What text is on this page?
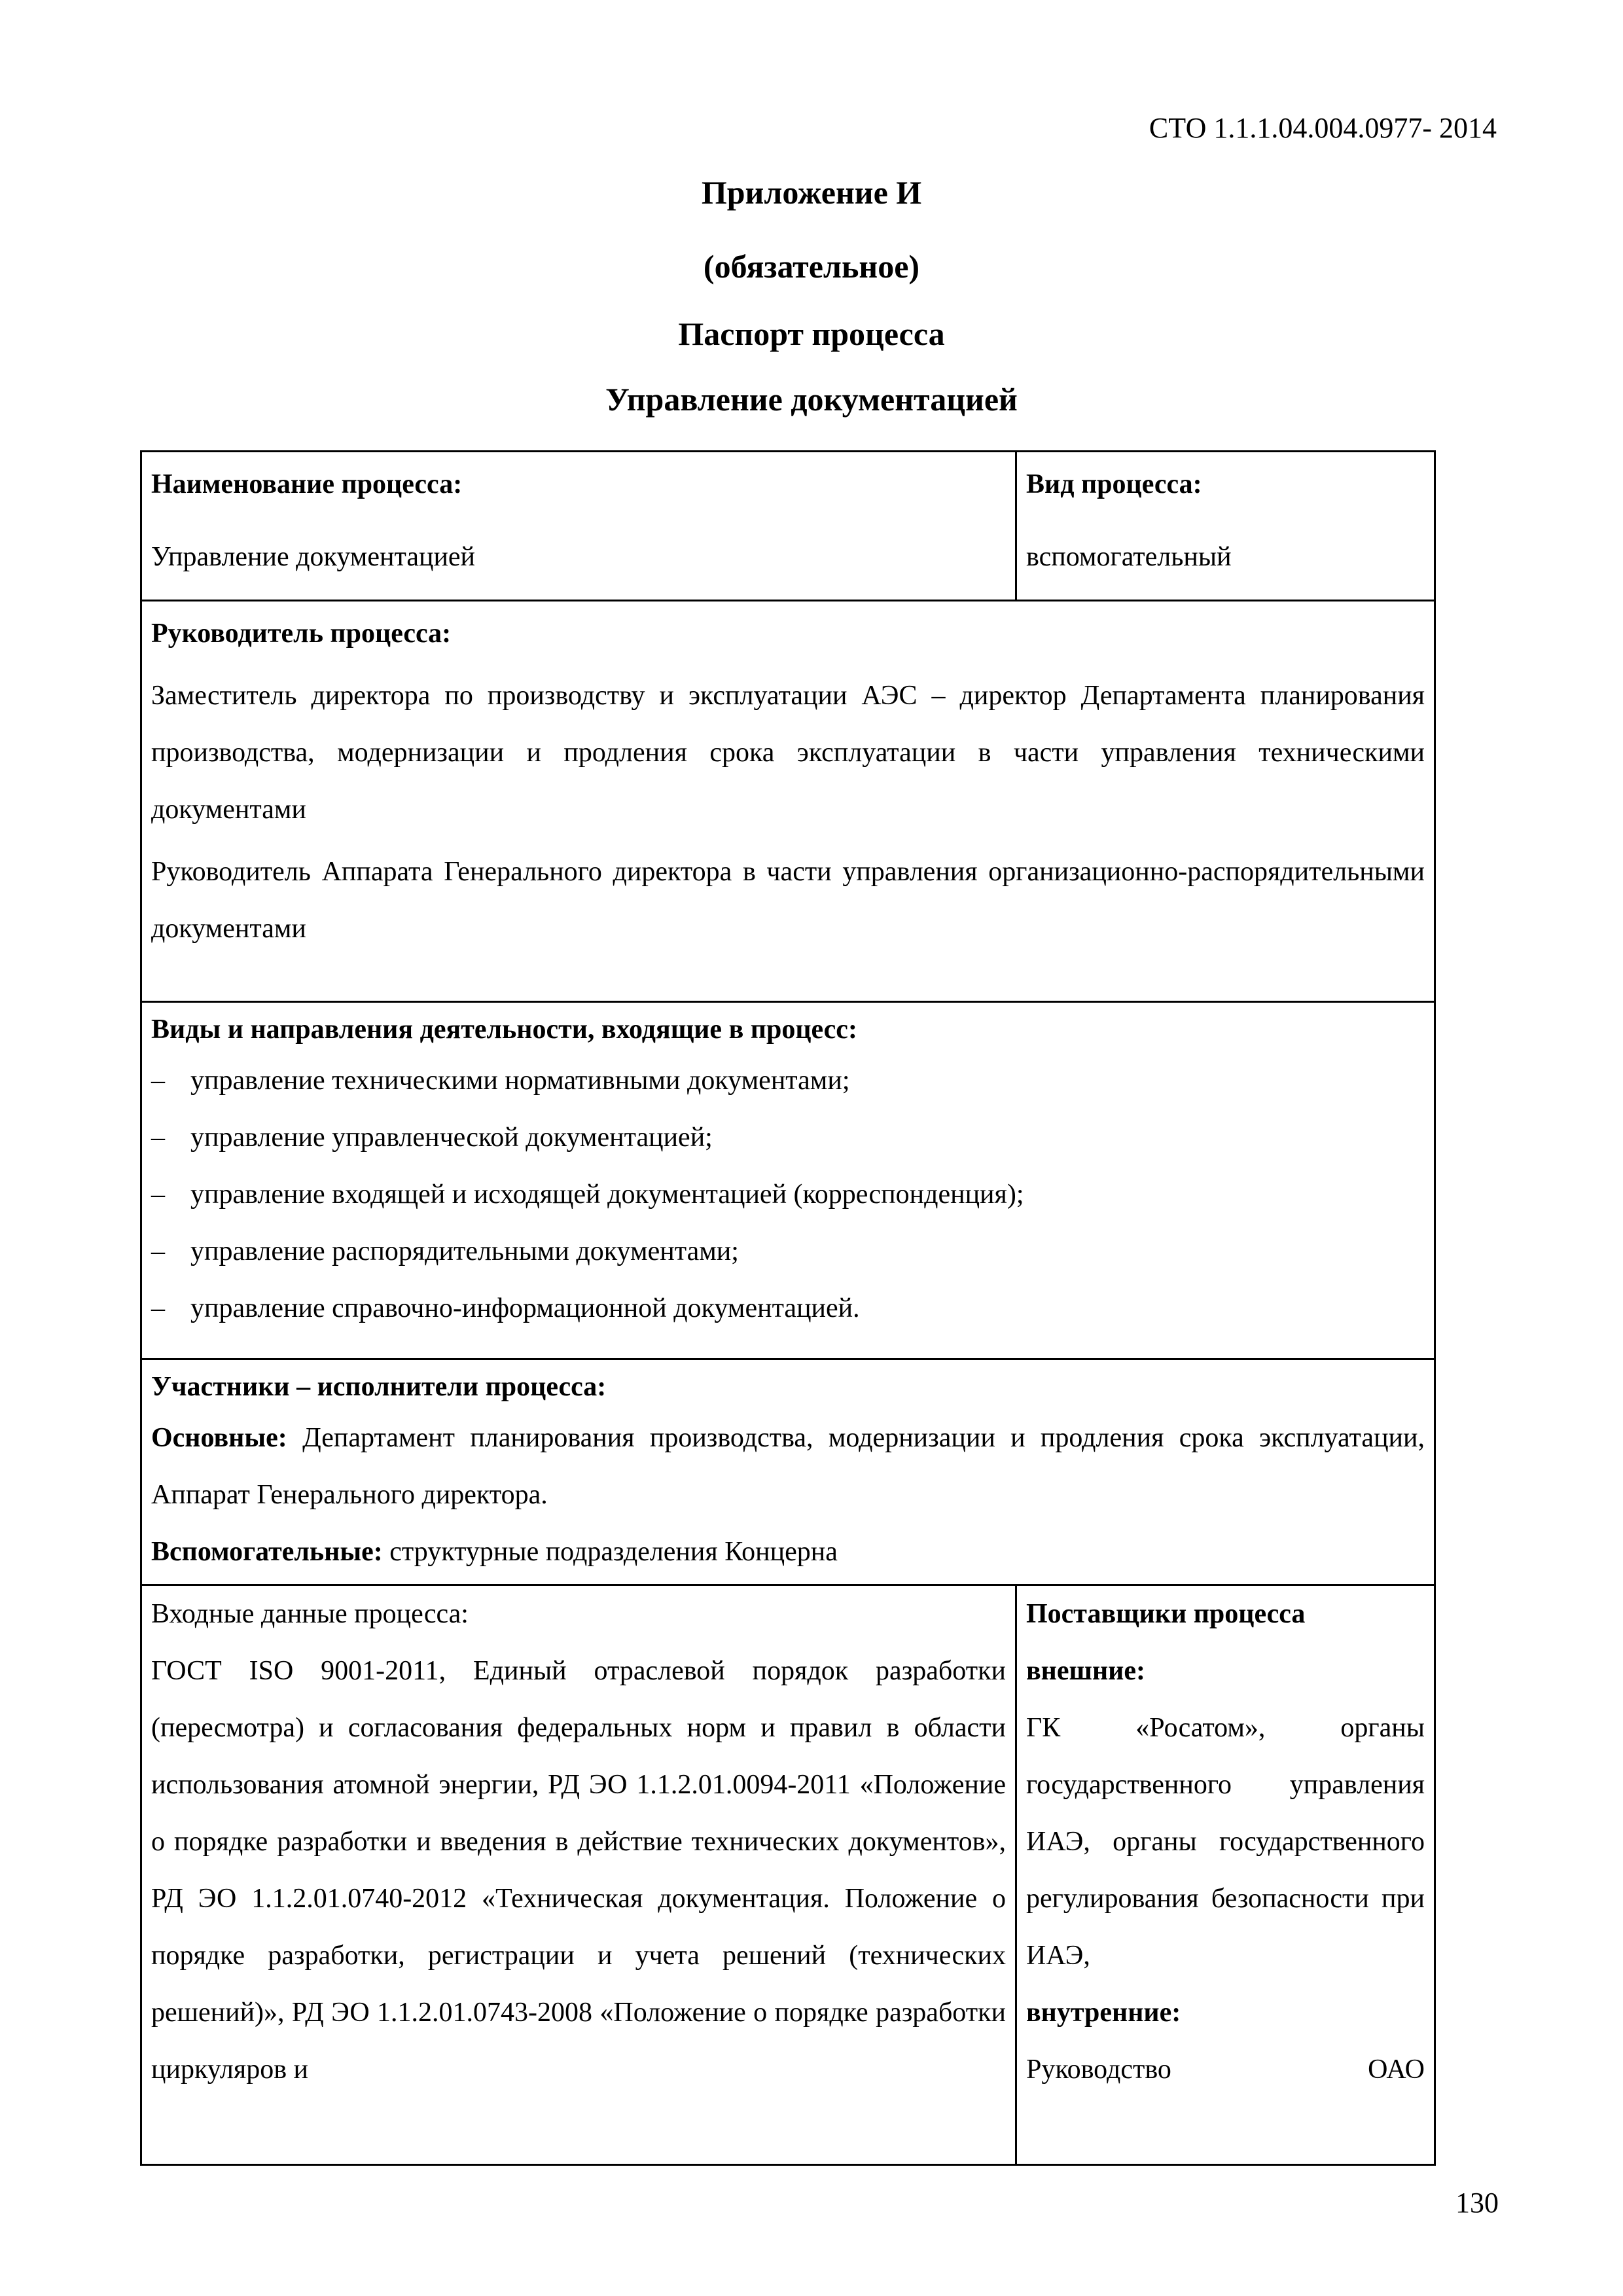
СТО 1.1.1.04.004.0977- 2014
Приложение И
(обязательное)
Паспорт процесса
Управление документацией

Наименование процесса:

Управление документацией

Вид процесса:

вспомогательный

Руководитель процесса:

Заместитель директора по производству и эксплуатации АЭС – директор Департамента планирования производства, модернизации и продления срока эксплуатации в части управления техническими документами

Руководитель Аппарата Генерального директора в части управления организационно-распорядительными документами

Виды и направления деятельности, входящие в процесс:

– управление техническими нормативными документами;
– управление управленческой документацией;
– управление входящей и исходящей документацией (корреспонденция);
– управление распорядительными документами;
– управление справочно-информационной документацией.

Участники – исполнители процесса:

Основные: Департамент планирования производства, модернизации и продления срока эксплуатации, Аппарат Генерального директора.

Вспомогательные: структурные подразделения Концерна

Входные данные процесса:

ГОСТ ISO 9001-2011, Единый отраслевой порядок разработки (пересмотра) и согласования федеральных норм и правил в области использования атомной энергии, РД ЭО 1.1.2.01.0094-2011 «Положение о порядке разработки и введения в действие технических документов», РД ЭО 1.1.2.01.0740-2012 «Техническая документация. Положение о порядке разработки, регистрации и учета решений (технических решений)», РД ЭО 1.1.2.01.0743-2008 «Положение о порядке разработки циркуляров и

Поставщики процесса

внешние:

ГК «Росатом», органы государственного управления ИАЭ, органы государственного регулирования безопасности при ИАЭ,

внутренние:

Руководство ОАО

130
